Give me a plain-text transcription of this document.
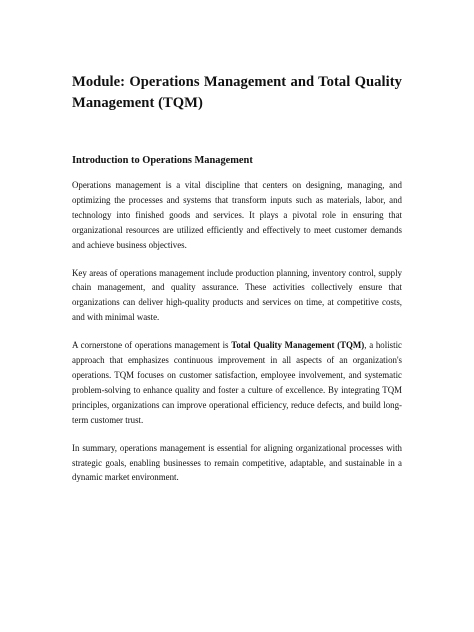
Module: Operations Management and Total Quality Management (TQM)
Introduction to Operations Management

Operations management is a vital discipline that centers on designing, managing, and optimizing the processes and systems that transform inputs such as materials, labor, and technology into finished goods and services. It plays a pivotal role in ensuring that organizational resources are utilized efficiently and effectively to meet customer demands and achieve business objectives.

Key areas of operations management include production planning, inventory control, supply chain management, and quality assurance. These activities collectively ensure that organizations can deliver high-quality products and services on time, at competitive costs, and with minimal waste.

A cornerstone of operations management is Total Quality Management (TQM), a holistic approach that emphasizes continuous improvement in all aspects of an organization's operations. TQM focuses on customer satisfaction, employee involvement, and systematic problem-solving to enhance quality and foster a culture of excellence. By integrating TQM principles, organizations can improve operational efficiency, reduce defects, and build long-term customer trust.

In summary, operations management is essential for aligning organizational processes with strategic goals, enabling businesses to remain competitive, adaptable, and sustainable in a dynamic market environment.
